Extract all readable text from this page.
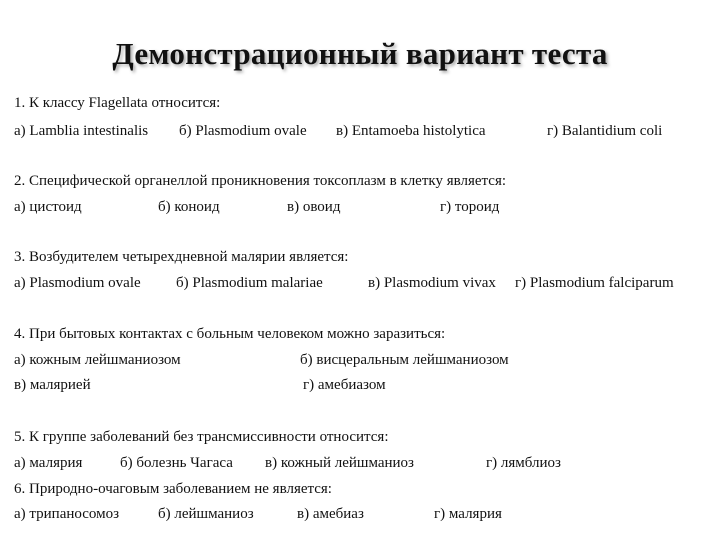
Демонстрационный вариант теста
1. К классу Flagellata относится:
а) Lamblia intestinalis б) Plasmodium ovale в) Entamoeba histolytica	г) Balantidium coli
2. Специфической органеллой проникновения токсоплазм в клетку является:
а) цистоид	б) коноид	в) овоид	г) тороид
3. Возбудителем четырехдневной малярии является:
а) Plasmodium ovale б) Plasmodium malariae	в) Plasmodium vivax г) Plasmodium falciparum
4. При бытовых контактах с больным человеком можно заразиться:
а) кожным лейшманиозом	б) висцеральным лейшманиозом
в) малярией	г) амебиазом
5. К группе заболеваний без трансмиссивности относится:
а) малярия	б) болезнь Чагаса в) кожный лейшманиоз	г) лямблиоз
6. Природно-очаговым заболеванием не является:
а) трипаносомоз	б) лейшманиоз	в) амебиаз	г) малярия
